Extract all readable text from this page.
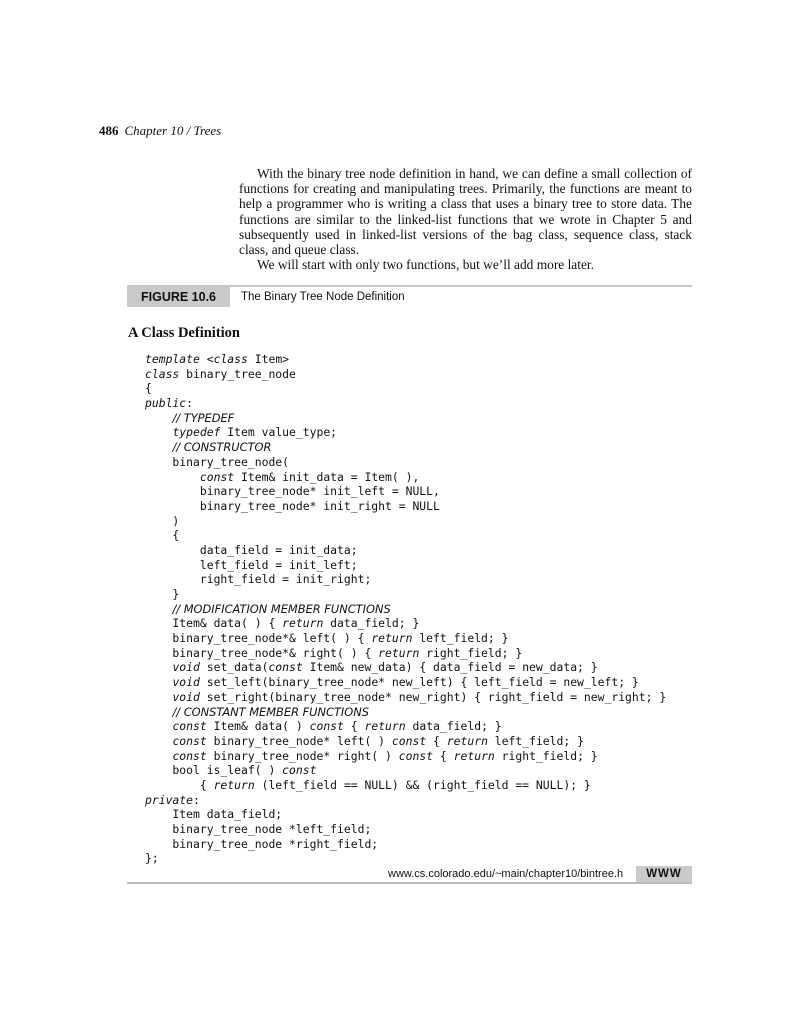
486 Chapter 10 / Trees

With the binary tree node definition in hand, we can define a small collection of functions for creating and manipulating trees. Primarily, the functions are meant to help a programmer who is writing a class that uses a binary tree to store data. The functions are similar to the linked-list functions that we wrote in Chapter 5 and subsequently used in linked-list versions of the bag class, sequence class, stack class, and queue class.

We will start with only two functions, but we’ll add more later.

FIGURE 10.6	The Binary Tree Node Definition
A Class Definition
template <class Item>
class binary_tree_node
{
public:
// TYPEDEF
typedef Item value_type;
// CONSTRUCTOR
binary_tree_node(
const Item& init_data = Item( ),
binary_tree_node* init_left = NULL,
binary_tree_node* init_right = NULL
)
{
data_field = init_data;
left_field = init_left;
right_field = init_right;
}
// MODIFICATION MEMBER FUNCTIONS
Item& data( ) { return data_field; }
binary_tree_node*& left( ) { return left_field; }
binary_tree_node*& right( ) { return right_field; }
void set_data(const Item& new_data) { data_field = new_data; }
void set_left(binary_tree_node* new_left) { left_field = new_left; }
void set_right(binary_tree_node* new_right) { right_field = new_right; }
// CONSTANT MEMBER FUNCTIONS
const Item& data( ) const { return data_field; }
const binary_tree_node* left( ) const { return left_field; }
const binary_tree_node* right( ) const { return right_field; }
bool is_leaf( ) const
{ return (left_field == NULL) && (right_field == NULL); }
private:
Item data_field;
binary_tree_node *left_field;
binary_tree_node *right_field;
};
www.cs.colorado.edu/~main/chapter10/bintree.h	WWW
